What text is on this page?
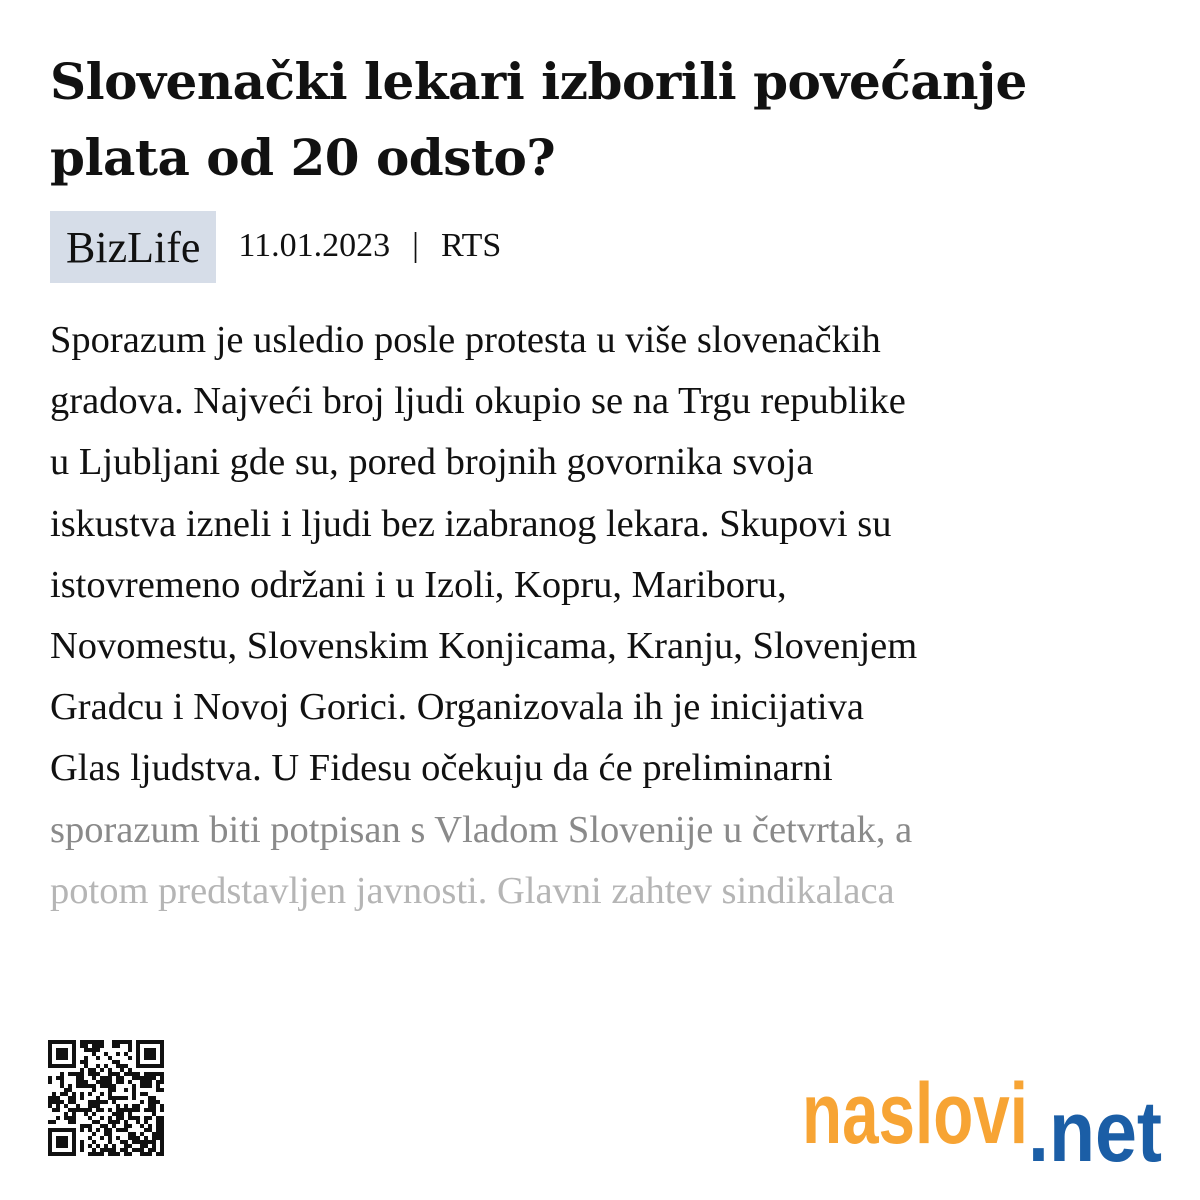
Slovenački lekari izborili povećanje plata od 20 odsto?
BizLife	11.01.2023 | RTS
Sporazum je usledio posle protesta u više slovenačkih
gradova. Najveći broj ljudi okupio se na Trgu republike
u Ljubljani gde su, pored brojnih govornika svoja
iskustva izneli i ljudi bez izabranog lekara. Skupovi su
istovremeno održani i u Izoli, Kopru, Mariboru,
Novomestu, Slovenskim Konjicama, Kranju, Slovenjem
Gradcu i Novoj Gorici. Organizovala ih je inicijativa
Glas ljudstva. U Fidesu očekuju da će preliminarni
sporazum biti potpisan s Vladom Slovenije u četvrtak, a
potom predstavljen javnosti. Glavni zahtev sindikalaca
naslovi .net
